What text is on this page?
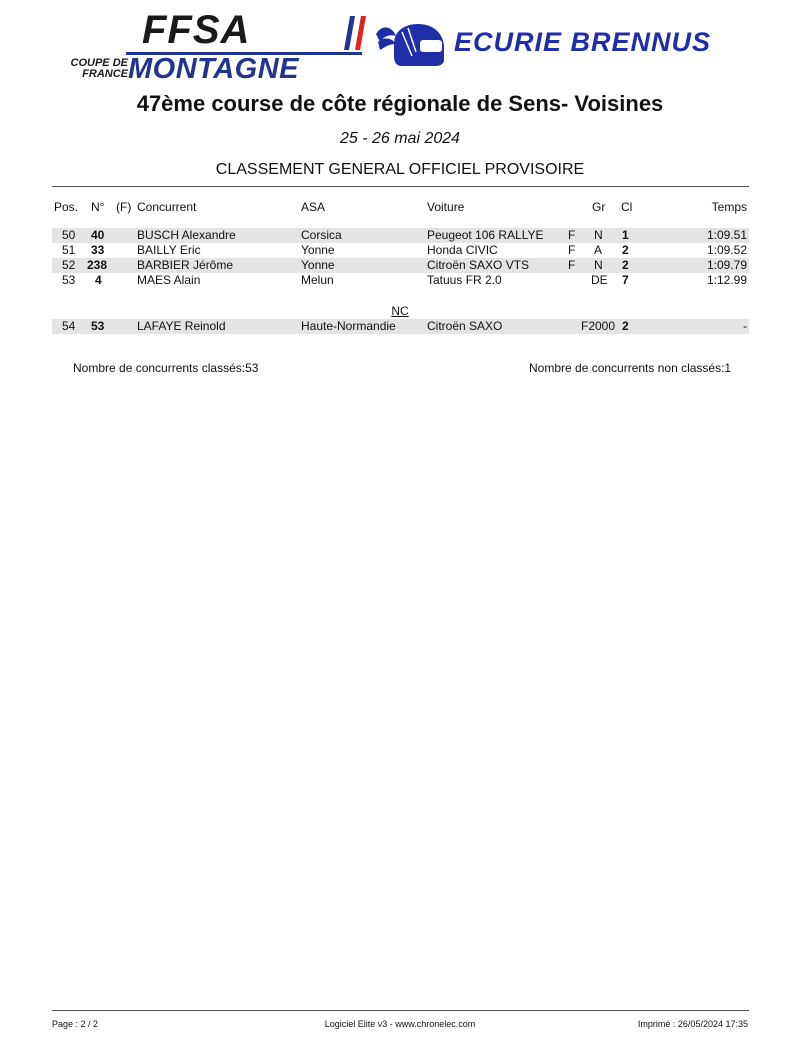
FFSA
COUPE DE
FRANCE MONTAGNE
ECURIE BRENNUS
47ème course de côte régionale de Sens- Voisines
25 - 26 mai 2024
CLASSEMENT GENERAL OFFICIEL PROVISOIRE
Pos. N° (F) Concurrent	ASA	Voiture	Gr Cl	Temps
50 40	BUSCH Alexandre	Corsica	Peugeot 106 RALLYE F N 1	1:09.51
51 33	BAILLY Eric	Yonne	Honda CIVIC	F A 2	1:09.52
52 238 BARBIER Jérôme	Yonne	Citroën SAXO VTS	F N 2	1:09.79
53 4	MAES Alain	Melun	Tatuus FR 2.0	DE 7	1:12.99
NC
54 53	LAFAYE Reinold	Haute-Normandie	Citroën SAXO	F2000 2	-
Nombre de concurrents classés:53	Nombre de concurrents non classés:1
Page : 2 / 2	Logiciel Elite v3 - www.chronelec.com	Imprimé : 26/05/2024 17:35
